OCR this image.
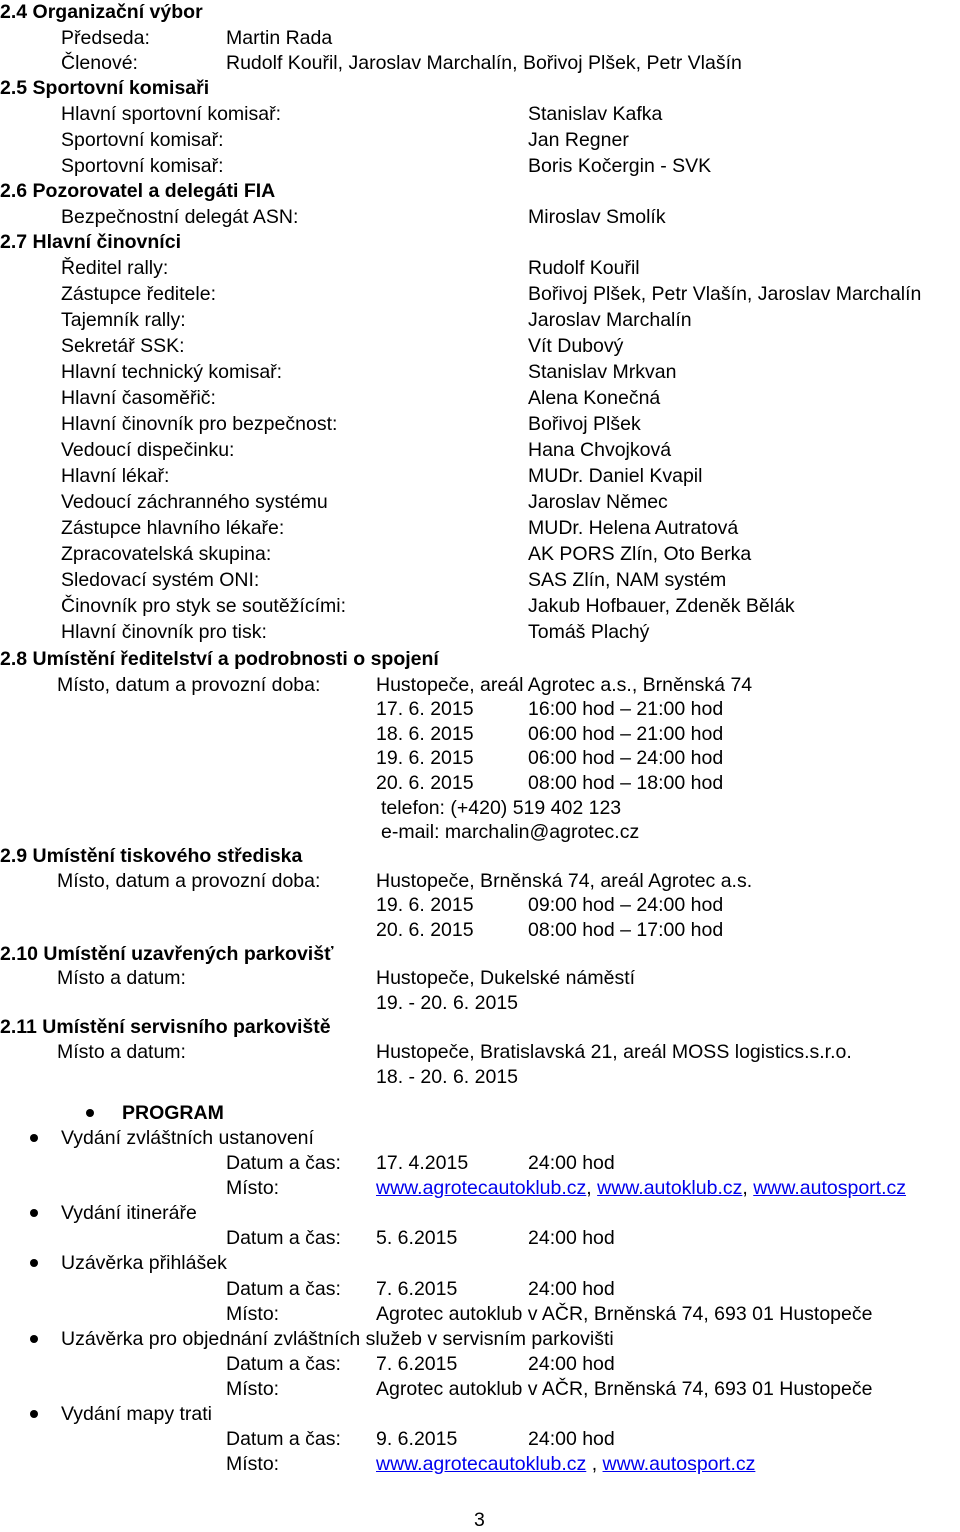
2.4 Organizační výbor
Předseda:	Martin Rada
Členové:	Rudolf Kouřil, Jaroslav Marchalín, Bořivoj Plšek, Petr Vlašín
2.5 Sportovní komisaři
Hlavní sportovní komisař:	Stanislav Kafka
Sportovní komisař:	Jan Regner
Sportovní komisař:	Boris Kočergin - SVK
2.6 Pozorovatel a delegáti FIA
Bezpečnostní delegát ASN:	Miroslav Smolík
2.7 Hlavní činovníci
Ředitel rally:	Rudolf Kouřil
Zástupce ředitele:	Bořivoj Plšek, Petr Vlašín, Jaroslav Marchalín
Tajemník rally:	Jaroslav Marchalín
Sekretář SSK:	Vít Dubový
Hlavní technický komisař:	Stanislav Mrkvan
Hlavní časoměřič:	Alena Konečná
Hlavní činovník pro bezpečnost:	Bořivoj Plšek
Vedoucí dispečinku:	Hana Chvojková
Hlavní lékař:	MUDr. Daniel Kvapil
Vedoucí záchranného systému	Jaroslav Němec
Zástupce hlavního lékaře:	MUDr. Helena Autratová
Zpracovatelská skupina:	AK PORS Zlín, Oto Berka
Sledovací systém ONI:	SAS Zlín, NAM systém
Činovník pro styk se soutěžícími:	Jakub Hofbauer, Zdeněk Bělák
Hlavní činovník pro tisk:	Tomáš Plachý
2.8 Umístění ředitelství a podrobnosti o spojení
Místo, datum a provozní doba:	Hustopeče, areál Agrotec a.s., Brněnská 74
17. 6. 2015	16:00 hod – 21:00 hod
18. 6. 2015	06:00 hod – 21:00 hod
19. 6. 2015	06:00 hod – 24:00 hod
20. 6. 2015	08:00 hod – 18:00 hod
telefon: (+420) 519 402 123
e-mail: marchalin@agrotec.cz
2.9 Umístění tiskového střediska
Místo, datum a provozní doba:	Hustopeče, Brněnská 74, areál Agrotec a.s.
19. 6. 2015	09:00 hod – 24:00 hod
20. 6. 2015	08:00 hod – 17:00 hod
2.10 Umístění uzavřených parkovišť
Místo a datum:	Hustopeče, Dukelské náměstí
19. - 20. 6. 2015
2.11 Umístění servisního parkoviště
Místo a datum:	Hustopeče, Bratislavská 21, areál MOSS logistics.s.r.o.
18. - 20. 6. 2015
PROGRAM
Vydání zvláštních ustanovení
Datum a čas: 17. 4.2015	24:00 hod
Místo:	www.agrotecautoklub.cz, www.autoklub.cz, www.autosport.cz
Vydání itineráře
Datum a čas: 5. 6.2015	24:00 hod
Uzávěrka přihlášek
Datum a čas: 7. 6.2015	24:00 hod
Místo:	Agrotec autoklub v AČR, Brněnská 74, 693 01 Hustopeče
Uzávěrka pro objednání zvláštních služeb v servisním parkovišti
Datum a čas: 7. 6.2015	24:00 hod
Místo:	Agrotec autoklub v AČR, Brněnská 74, 693 01 Hustopeče
Vydání mapy trati
Datum a čas: 9. 6.2015	24:00 hod
Místo:	www.agrotecautoklub.cz , www.autosport.cz
3
